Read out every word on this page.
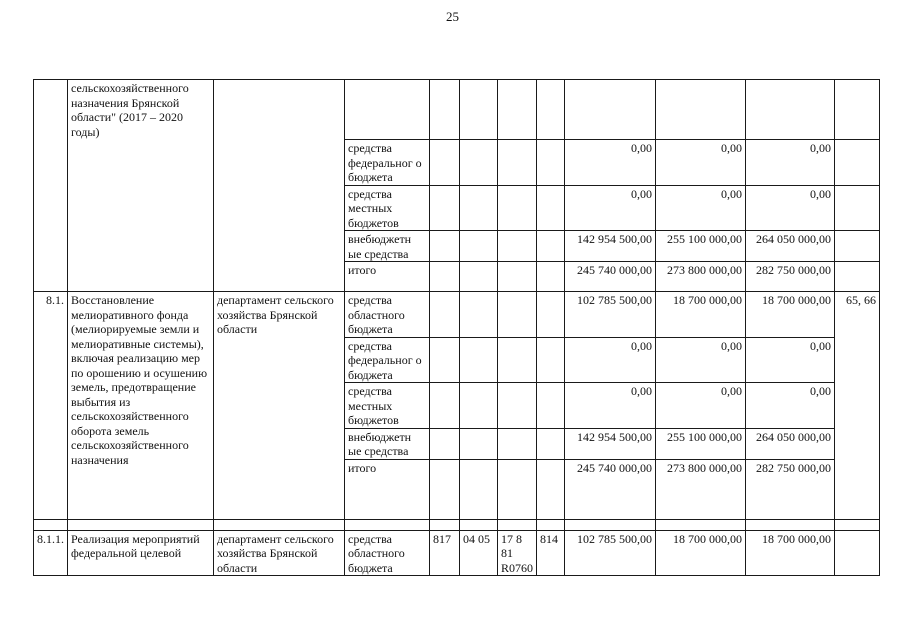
25
	сельскохозяйственного назначения Брянской области" (2017 – 2020 годы)										
			средства федеральног о бюджета					0,00	0,00	0,00	
			средства местных бюджетов					0,00	0,00	0,00	
			внебюджетн ые средства					142 954 500,00	255 100 000,00	264 050 000,00	
			итого					245 740 000,00	273 800 000,00	282 750 000,00	
8.1.	Восстановление мелиоративного фонда (мелиорируемые земли и мелиоративные системы), включая реализацию мер по орошению и осушению земель, предотвращение выбытия из сельскохозяйственного оборота земель сельскохозяйственного назначения	департамент сельского хозяйства Брянской области	средства областного бюджета					102 785 500,00	18 700 000,00	18 700 000,00	65, 66
			средства федеральног о бюджета					0,00	0,00	0,00	
			средства местных бюджетов					0,00	0,00	0,00	
			внебюджетн ые средства					142 954 500,00	255 100 000,00	264 050 000,00	
			итого					245 740 000,00	273 800 000,00	282 750 000,00	

8.1.1.	Реализация мероприятий федеральной целевой	департамент сельского хозяйства Брянской области	средства областного бюджета	817	04 05	17 8 81 R0760	814	102 785 500,00	18 700 000,00	18 700 000,00	
